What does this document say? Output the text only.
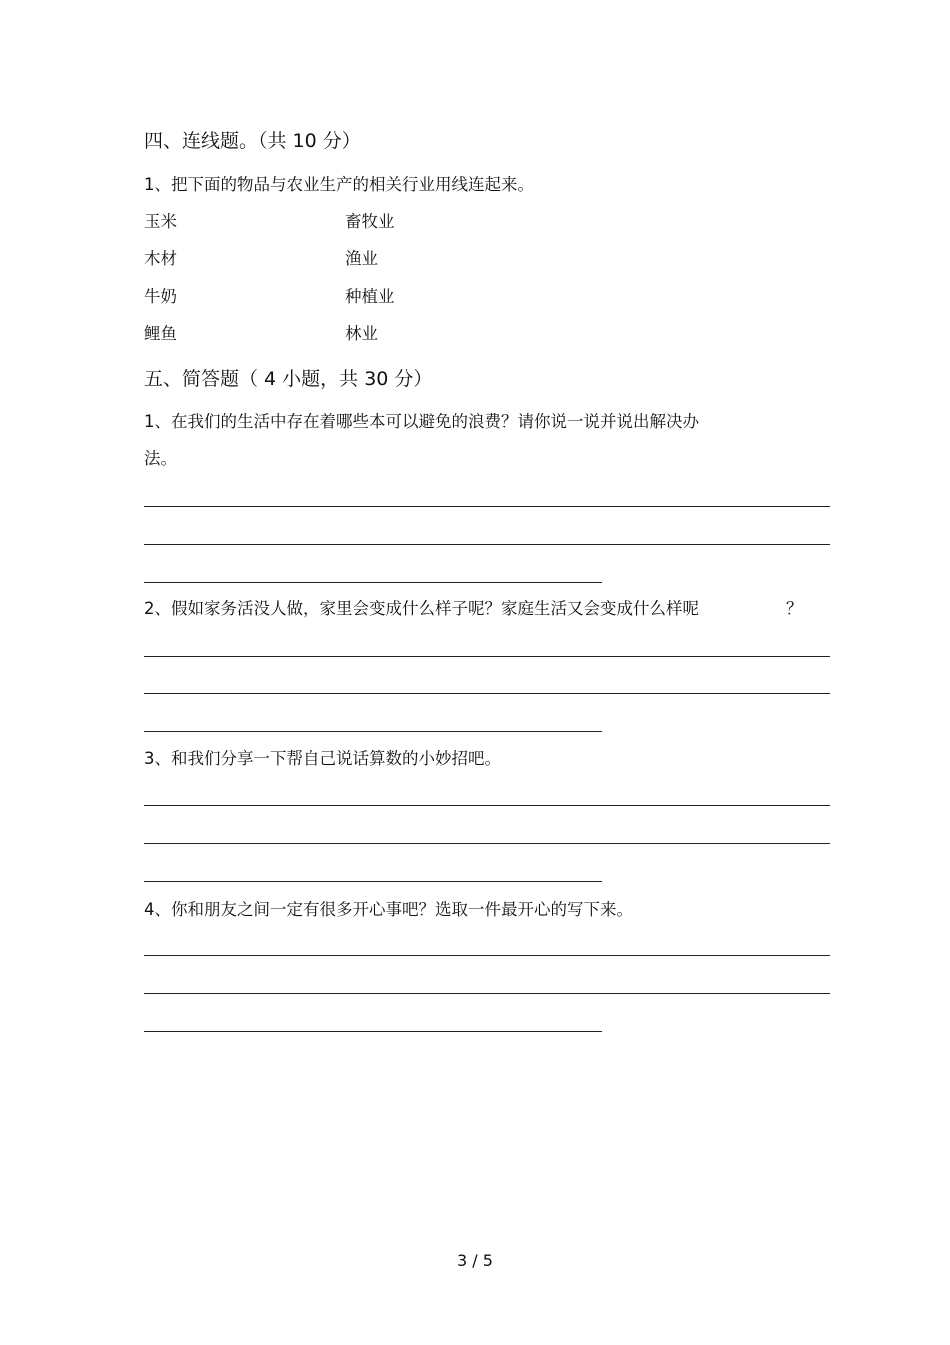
四、连线题。（共 10 分）
1、把下面的物品与农业生产的相关行业用线连起来。
玉米	畜牧业
木材	渔业
牛奶	种植业
鲤鱼	林业
五、简答题（ 4 小题，共 30 分）
1、在我们的生活中存在着哪些本可以避免的浪费？请你说一说并说出解决办
法。
2、假如家务活没人做，家里会变成什么样子呢？家庭生活又会变成什么样呢	？
3、和我们分享一下帮自己说话算数的小妙招吧。
4、你和朋友之间一定有很多开心事吧？选取一件最开心的写下来。
3 / 5
